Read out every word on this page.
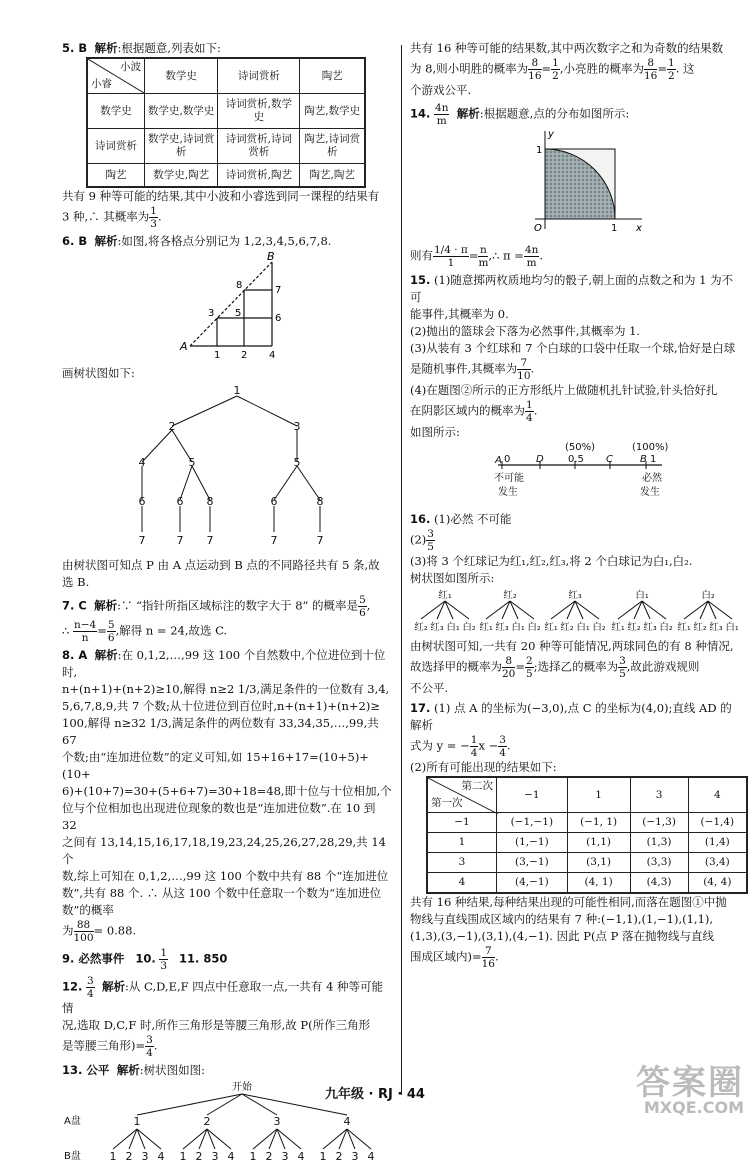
5. B 解析:根据题意,列表如下:

小波
小睿	数学史	诗词赏析	陶艺
数学史	数学史,数学史	诗词赏析,数学史	陶艺,数学史
诗词赏析	数学史,诗词赏析	诗词赏析,诗词赏析	陶艺,诗词赏析
陶艺	数学史,陶艺	诗词赏析,陶艺	陶艺,陶艺

共有 9 种等可能的结果,其中小波和小睿选到同一课程的结果有

3 种,∴ 其概率为 $\frac{1}{3}$ .

6. B 解析:如图,将各格点分别记为 1,2,3,4,5,6,7,8.

A
B
1 2 4
3
8
5	6
7

画树状图如下:

1
2	3
4	5	5
6	6 8	6	8
7	7 7	7	7

由树状图可知点 P 由 A 点运动到 B 点的不同路径共有 5 条,故

选 B.

7. C 解析:∵ “指针所指区域标注的数字大于 8” 的概率是 $\frac{5}{6}$ ,

∴ $\frac{n-4}{n} = \frac{5}{6}$ ,解得 n = 24,故选 C.

8. A 解析:在 0,1,2,…,99 这 100 个自然数中,个位进位到十位时,

n+(n+1)+(n+2)≥10,解得 n≥2 1/3,满足条件的一位数有 3,4,

5,6,7,8,9,共 7 个数;从十位进位到百位时,n+(n+1)+(n+2)≥

100,解得 n≥32 1/3,满足条件的两位数有 33,34,35,…,99,共 67

个数;由“连加进位数”的定义可知,如 15+16+17=(10+5)+(10+

6)+(10+7)=30+(5+6+7)=30+18=48,即十位与十位相加,个

位与个位相加也出现进位现象的数也是“连加进位数”.在 10 到 32

之间有 13,14,15,16,17,18,19,23,24,25,26,27,28,29,共 14 个

数,综上可知在 0,1,2,…,99 这 100 个数中共有 88 个“连加进位

数”,共有 88 个. ∴ 从这 100 个数中任意取一个数为“连加进位数”的概率

为 $\frac{88}{100} = 0.88$.

9. 必然事件 10. $\frac{1}{3} 11$. 850

12. $\frac{3}{4}$ 解析:从 C,D,E,F 四点中任意取一点,一共有 4 种等可能情

况,选取 D,C,F 时,所作三角形是等腰三角形,故 P(所作三角形

是等腰三角形)= $\frac{3}{4}$ .

13. 公平 解析:树状图如图:

开始
A盘
B盘
1
1 2 3 4
2
1 2 3 4
3
1 2 3 4
4
1 2 3 4

共有 16 种等可能的结果数,其中两次数字之和为奇数的结果数

为 8,则小明胜的概率为 $\frac{8}{16} = \frac{1}{2}$ ,小亮胜的概率为 $\frac{8}{16} = \frac{1}{2}$ . 这

个游戏公平.

14. $\frac{4n}{m}$ 解析:根据题意,点的分布如图所示:

y
x
O	1
1

则有 $\frac{1/4 \cdot \pi}{1} = \frac{n}{m}$ ,∴ $\pi = \frac{4n}{m}$ .

15. (1)随意掷两枚质地均匀的骰子,朝上面的点数之和为 1 为不可

能事件,其概率为 0.

(2)抛出的篮球会下落为必然事件,其概率为 1.

(3)从装有 3 个红球和 7 个白球的口袋中任取一个球,恰好是白球

是随机事件,其概率为 $\frac{7}{10}$ .

(4)在题图②所示的正方形纸片上做随机扎针试验,针头恰好扎

在阴影区域内的概率为 $\frac{1}{4}$ .

如图所示:

(50%)	(100%)
A 0	D 0.5 C	B 1
不可能
发生
必然
发生

16. (1)必然 不可能

$(2) \frac{3}{5}$

(3)将 3 个红球记为红₁,红₂,红₃,将 2 个白球记为白₁,白₂.

树状图如图所示:

红₁
红₂ 红₃ 白₁ 白₂
红₂
红₁ 红₃ 白₁ 白₂
红₃
红₁ 红₂ 白₁ 白₂
白₁
红₁ 红₂ 红₃ 白₂
白₂
红₁ 红₂ 红₃ 白₁

由树状图可知,一共有 20 种等可能情况,两球同色的有 8 种情况,

故选择甲的概率为 $\frac{8}{20} = \frac{2}{5}$ ;选择乙的概率为 $\frac{3}{5}$ ,故此游戏规则

不公平.

17. (1) 点 A 的坐标为(−3,0),点 C 的坐标为(4,0);直线 AD 的解析

式为 y = − $\frac{1}{4}$ $x - \frac{3}{4}$ .

(2)所有可能出现的结果如下:

第二次
第一次	−1	1	3	4
−1	(−1,−1)	(−1, 1)	(−1,3)	(−1,4)
1	(1,−1)	(1,1)	(1,3)	(1,4)
3	(3,−1)	(3,1)	(3,3)	(3,4)
4	(4,−1)	(4, 1)	(4,3)	(4, 4)

共有 16 种结果,每种结果出现的可能性相同,而落在题图①中抛

物线与直线围成区域内的结果有 7 种:(−1,1),(1,−1),(1,1),

(1,3),(3,−1),(3,1),(4,−1). 因此 P(点 P 落在抛物线与直线

围成区域内)= $\frac{7}{16}$ .

九年级 · RJ · 44	答案圈
MXQE.COM
